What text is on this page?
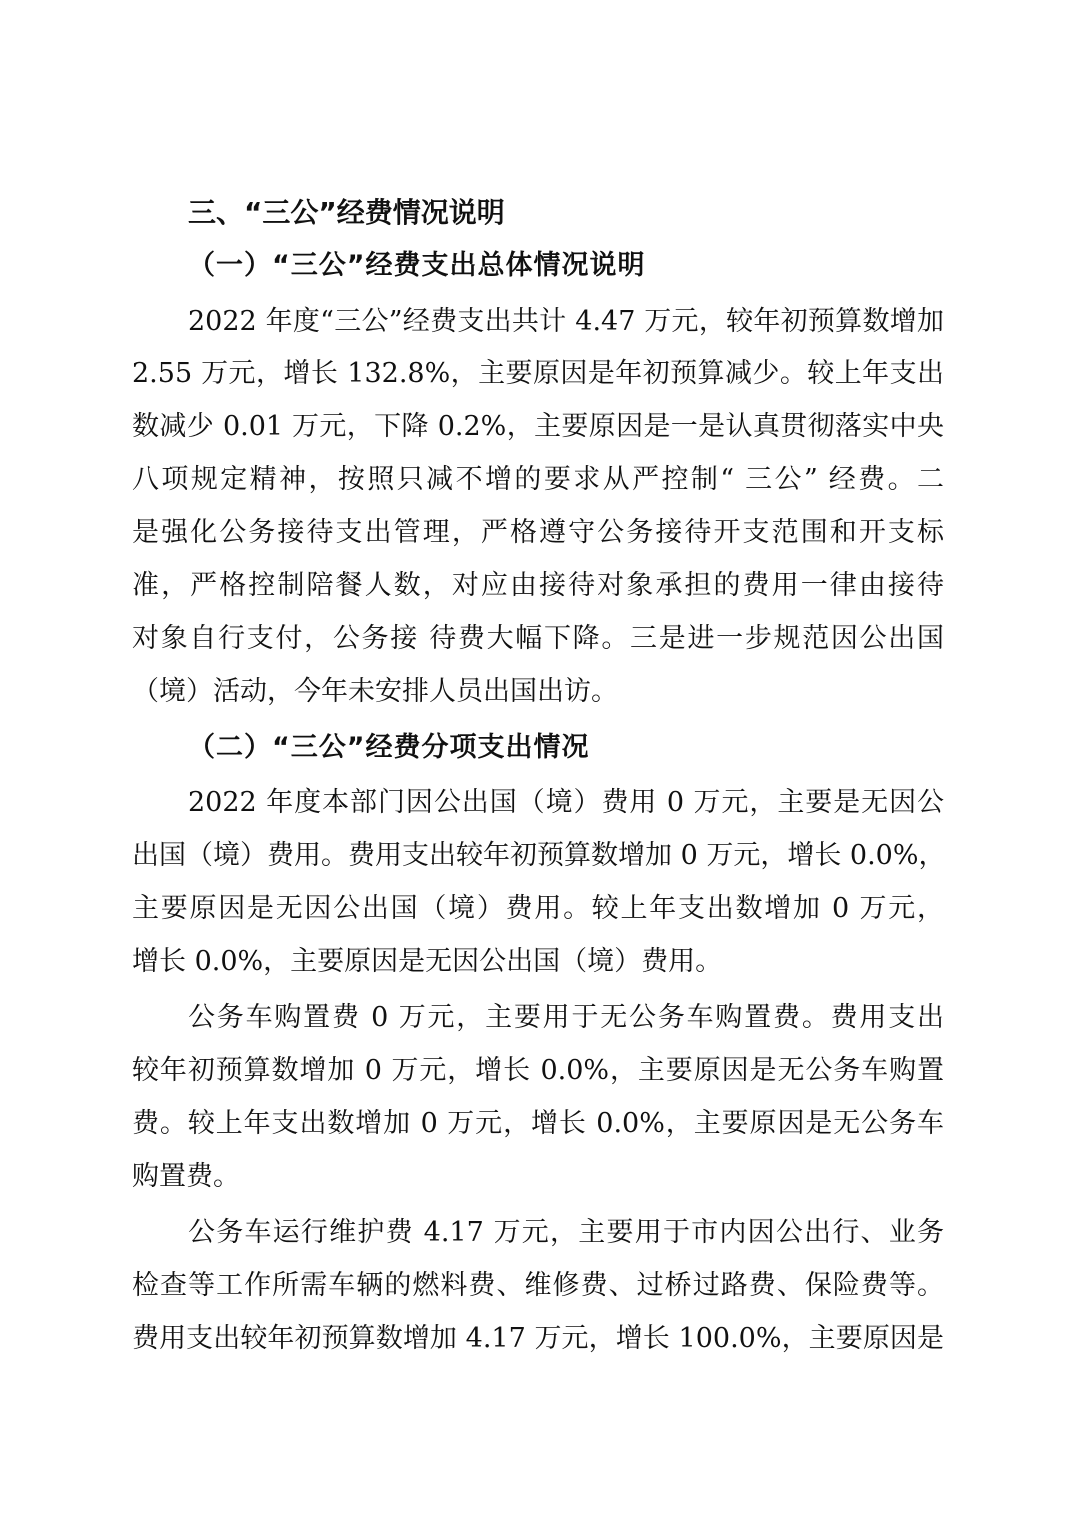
三、“三公”经费情况说明
（一）“三公”经费支出总体情况说明
2022 年度“三公”经费支出共计 4.47 万元，较年初预算数增加
2.55 万元，增长 132.8%，主要原因是年初预算减少。较上年支出
数减少 0.01 万元，下降 0.2%，主要原因是一是认真贯彻落实中央
八项规定精神，按照只减不增的要求从严控制“ 三公” 经费。二
是强化公务接待支出管理，严格遵守公务接待开支范围和开支标
准，严格控制陪餐人数，对应由接待对象承担的费用一律由接待
对象自行支付，公务接 待费大幅下降。三是进一步规范因公出国
（境）活动，今年未安排人员出国出访。
（二）“三公”经费分项支出情况
2022 年度本部门因公出国（境）费用 0 万元，主要是无因公
出国（境）费用。费用支出较年初预算数增加 0 万元，增长 0.0%，
主要原因是无因公出国（境）费用。较上年支出数增加 0 万元，
增长 0.0%，主要原因是无因公出国（境）费用。
公务车购置费 0 万元，主要用于无公务车购置费。费用支出
较年初预算数增加 0 万元，增长 0.0%，主要原因是无公务车购置
费。较上年支出数增加 0 万元，增长 0.0%，主要原因是无公务车
购置费。
公务车运行维护费 4.17 万元，主要用于市内因公出行、业务
检查等工作所需车辆的燃料费、维修费、过桥过路费、保险费等。
费用支出较年初预算数增加 4.17 万元，增长 100.0%，主要原因是
